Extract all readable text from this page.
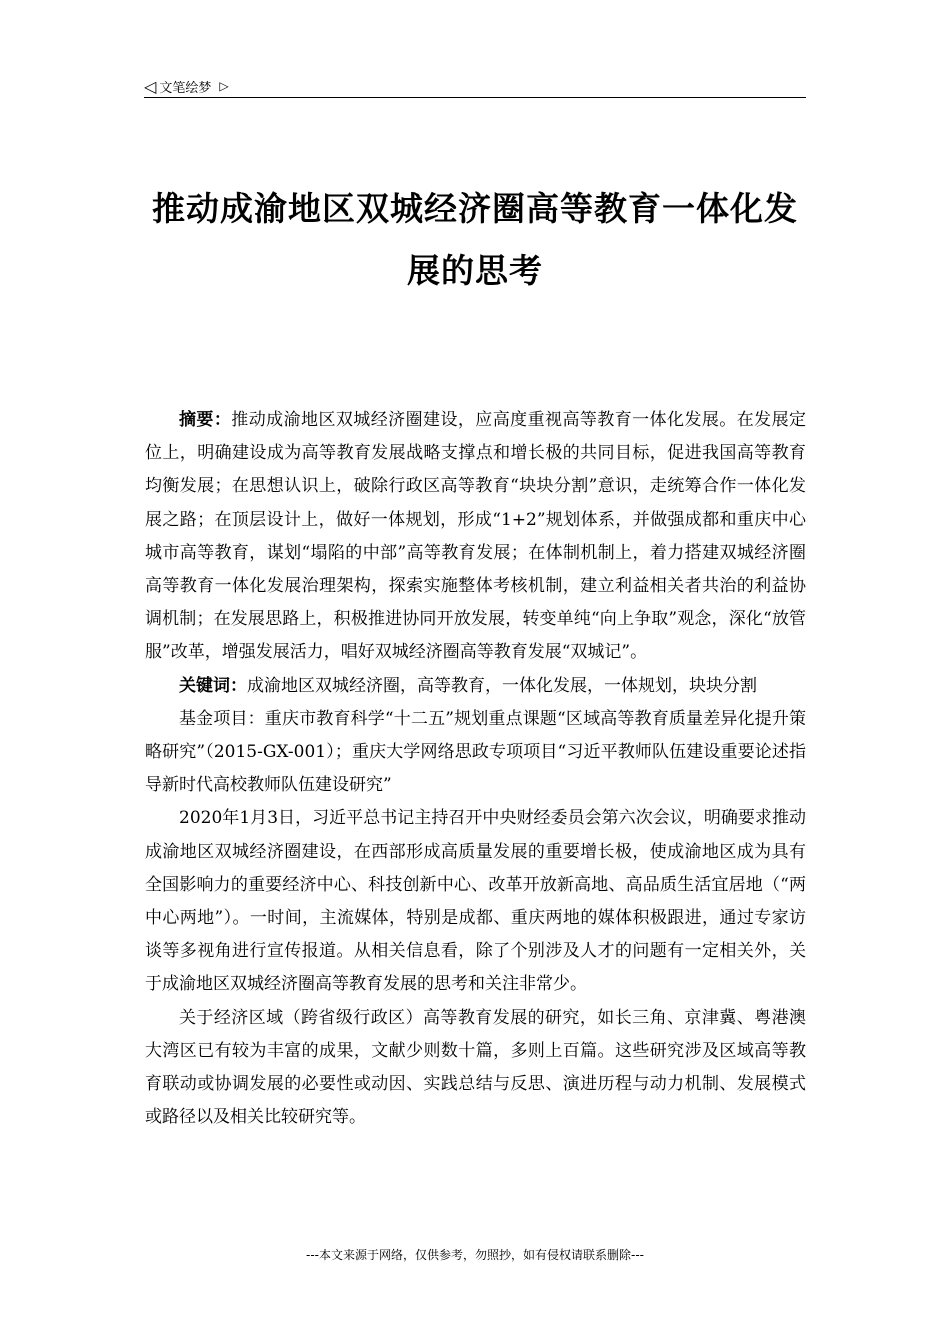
◁ 文笔绘梦 ▷
推动成渝地区双城经济圈高等教育一体化发展的思考

摘要：推动成渝地区双城经济圈建设，应高度重视高等教育一体化发展。在发展定位上，明确建设成为高等教育发展战略支撑点和增长极的共同目标，促进我国高等教育均衡发展；在思想认识上，破除行政区高等教育“块块分割”意识，走统筹合作一体化发展之路；在顶层设计上，做好一体规划，形成“1+2”规划体系，并做强成都和重庆中心城市高等教育，谋划“塌陷的中部”高等教育发展；在体制机制上，着力搭建双城经济圈高等教育一体化发展治理架构，探索实施整体考核机制，建立利益相关者共治的利益协调机制；在发展思路上，积极推进协同开放发展，转变单纯“向上争取”观念，深化“放管服”改革，增强发展活力，唱好双城经济圈高等教育发展“双城记”。

关键词：成渝地区双城经济圈，高等教育，一体化发展，一体规划，块块分割

基金项目：重庆市教育科学“十二五”规划重点课题“区域高等教育质量差异化提升策略研究”（2015-GX-001）；重庆大学网络思政专项项目“习近平教师队伍建设重要论述指导新时代高校教师队伍建设研究”

2020年1月3日，习近平总书记主持召开中央财经委员会第六次会议，明确要求推动成渝地区双城经济圈建设，在西部形成高质量发展的重要增长极，使成渝地区成为具有全国影响力的重要经济中心、科技创新中心、改革开放新高地、高品质生活宜居地（“两中心两地”）。一时间，主流媒体，特别是成都、重庆两地的媒体积极跟进，通过专家访谈等多视角进行宣传报道。从相关信息看，除了个别涉及人才的问题有一定相关外，关于成渝地区双城经济圈高等教育发展的思考和关注非常少。

关于经济区域（跨省级行政区）高等教育发展的研究，如长三角、京津冀、粤港澳大湾区已有较为丰富的成果，文献少则数十篇，多则上百篇。这些研究涉及区域高等教育联动或协调发展的必要性或动因、实践总结与反思、演进历程与动力机制、发展模式或路径以及相关比较研究等。

---本文来源于网络，仅供参考，勿照抄，如有侵权请联系删除---
